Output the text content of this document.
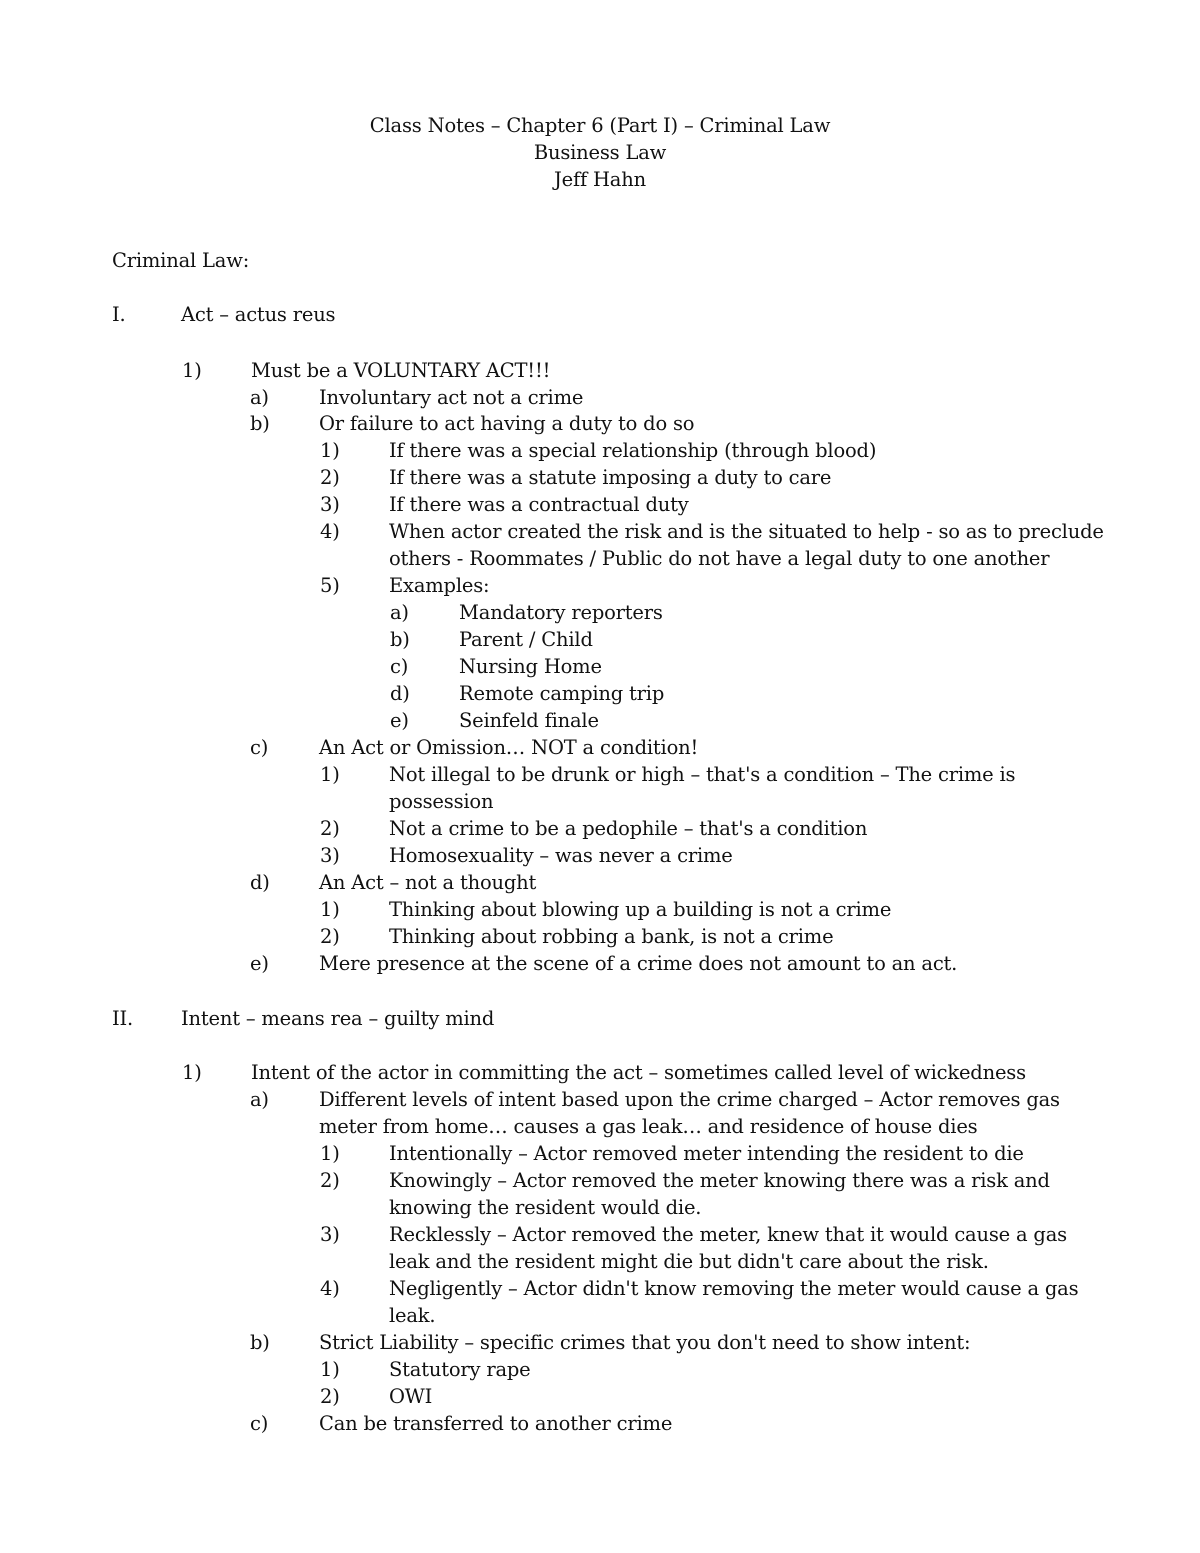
Class Notes – Chapter 6 (Part I) – Criminal Law
Business Law
Jeff Hahn
Criminal Law:
I.	Act – actus reus
1)	Must be a VOLUNTARY ACT!!!
a)	Involuntary act not a crime
b)	Or failure to act having a duty to do so
1)	If there was a special relationship (through blood)
2)	If there was a statute imposing a duty to care
3)	If there was a contractual duty
4)	When actor created the risk and is the situated to help - so as to preclude
others - Roommates / Public do not have a legal duty to one another
5)	Examples:
a)	Mandatory reporters
b)	Parent / Child
c)	Nursing Home
d)	Remote camping trip
e)	Seinfeld finale
c)	An Act or Omission… NOT a condition!
1)	Not illegal to be drunk or high – that's a condition – The crime is
possession
2)	Not a crime to be a pedophile – that's a condition
3)	Homosexuality – was never a crime
d)	An Act – not a thought
1)	Thinking about blowing up a building is not a crime
2)	Thinking about robbing a bank, is not a crime
e)	Mere presence at the scene of a crime does not amount to an act.
II. Intent – means rea – guilty mind
1)	Intent of the actor in committing the act – sometimes called level of wickedness
a)	Different levels of intent based upon the crime charged – Actor removes gas
meter from home… causes a gas leak… and residence of house dies
1)	Intentionally – Actor removed meter intending the resident to die
2)	Knowingly – Actor removed the meter knowing there was a risk and
knowing the resident would die.
3)	Recklessly – Actor removed the meter, knew that it would cause a gas
leak and the resident might die but didn't care about the risk.
4)	Negligently – Actor didn't know removing the meter would cause a gas
leak.
b)	Strict Liability – specific crimes that you don't need to show intent:
1)	Statutory rape
2)	OWI
c)	Can be transferred to another crime
